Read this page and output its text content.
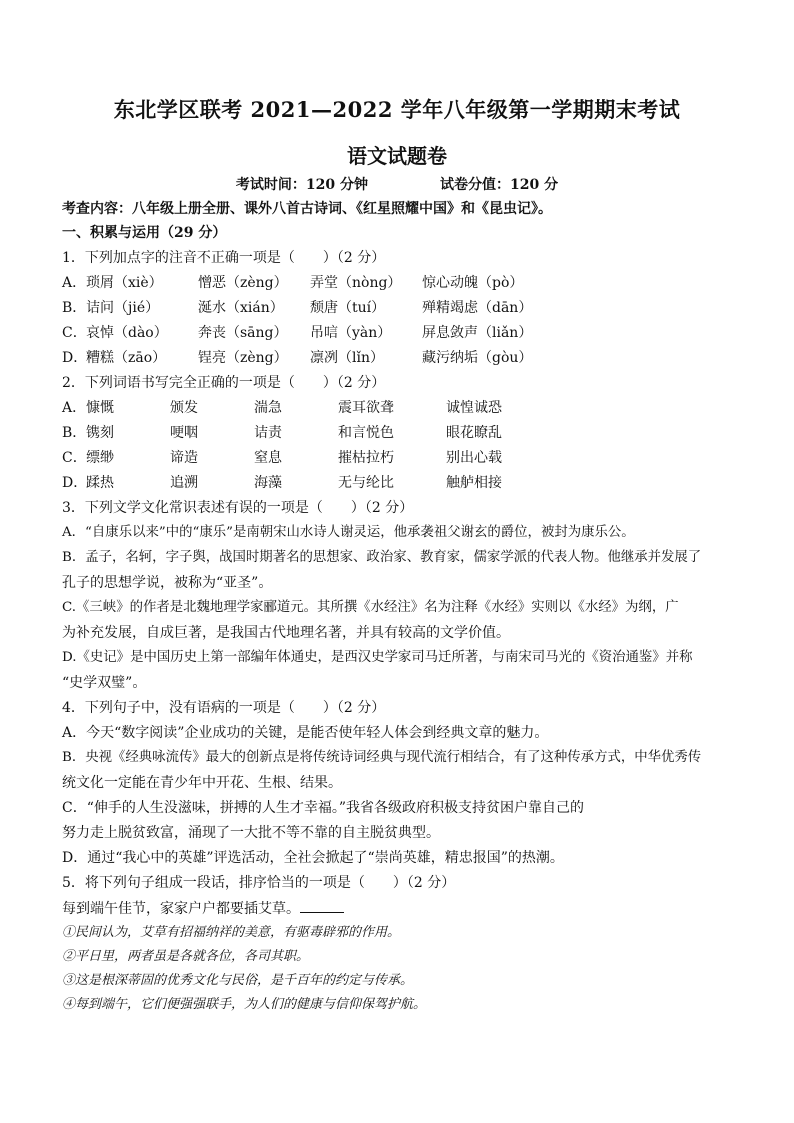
东北学区联考 2021—2022 学年八年级第一学期期末考试
语文试题卷
考试时间：120 分钟	试卷分值：120 分
考查内容：八年级上册全册、课外八首古诗词、《红星照耀中国》和《昆虫记》。
一、积累与运用（29 分）
1．下列加点字的注音不正确一项是（　　）（2 分）
A．琐屑（xiè）	憎恶（zèng） 弄堂（nòng） 惊心动魄（pò）
B．诘问（jié）	涎水（xián） 颓唐（tuí）	殚精竭虑（dān）
C．哀悼（dào） 奔丧（sāng） 吊唁（yàn） 屏息敛声（liǎn）
D．糟糕（zāo） 锃亮（zèng） 凛冽（lǐn）	藏污纳垢（gòu）
2．下列词语书写完全正确的一项是（　　）（2 分）
A．慷慨	颁发	湍急	震耳欲聋	诚惶诚恐
B．镌刻	哽咽	诘责	和言悦色	眼花瞭乱
C．缥缈	谛造	窒息	摧枯拉朽	别出心载
D．蹂热	追溯	海藻	无与纶比	触舻相接
3．下列文学文化常识表述有误的一项是（　　）（2 分）
A．“自康乐以来”中的“康乐”是南朝宋山水诗人谢灵运，他承袭祖父谢玄的爵位，被封为康乐公。
B．孟子，名轲，字子舆，战国时期著名的思想家、政治家、教育家，儒家学派的代表人物。他继承并发展了
孔子的思想学说，被称为“亚圣”。
C.《三峡》的作者是北魏地理学家郦道元。其所撰《水经注》名为注释《水经》实则以《水经》为纲，广
为补充发展，自成巨著，是我国古代地理名著，并具有较高的文学价值。
D.《史记》是中国历史上第一部编年体通史，是西汉史学家司马迁所著，与南宋司马光的《资治通鉴》并称
“史学双璧”。
4．下列句子中，没有语病的一项是（　　）（2 分）
A．今天“数字阅读”企业成功的关键，是能否使年轻人体会到经典文章的魅力。
B．央视《经典咏流传》最大的创新点是将传统诗词经典与现代流行相结合，有了这种传承方式，中华优秀传
统文化一定能在青少年中开花、生根、结果。
C．“伸手的人生没滋味，拼搏的人生才幸福。”我省各级政府积极支持贫困户靠自己的
努力走上脱贫致富，涌现了一大批不等不靠的自主脱贫典型。
D．通过“我心中的英雄”评选活动，全社会掀起了“崇尚英雄，精忠报国”的热潮。
5．将下列句子组成一段话，排序恰当的一项是（　　）（2 分）
每到端午佳节，家家户户都要插艾草。
①民间认为，艾草有招福纳祥的美意，有驱毒辟邪的作用。
②平日里，两者虽是各就各位，各司其职。
③这是根深蒂固的优秀文化与民俗，是千百年的约定与传承。
④每到端午，它们便强强联手，为人们的健康与信仰保驾护航。
